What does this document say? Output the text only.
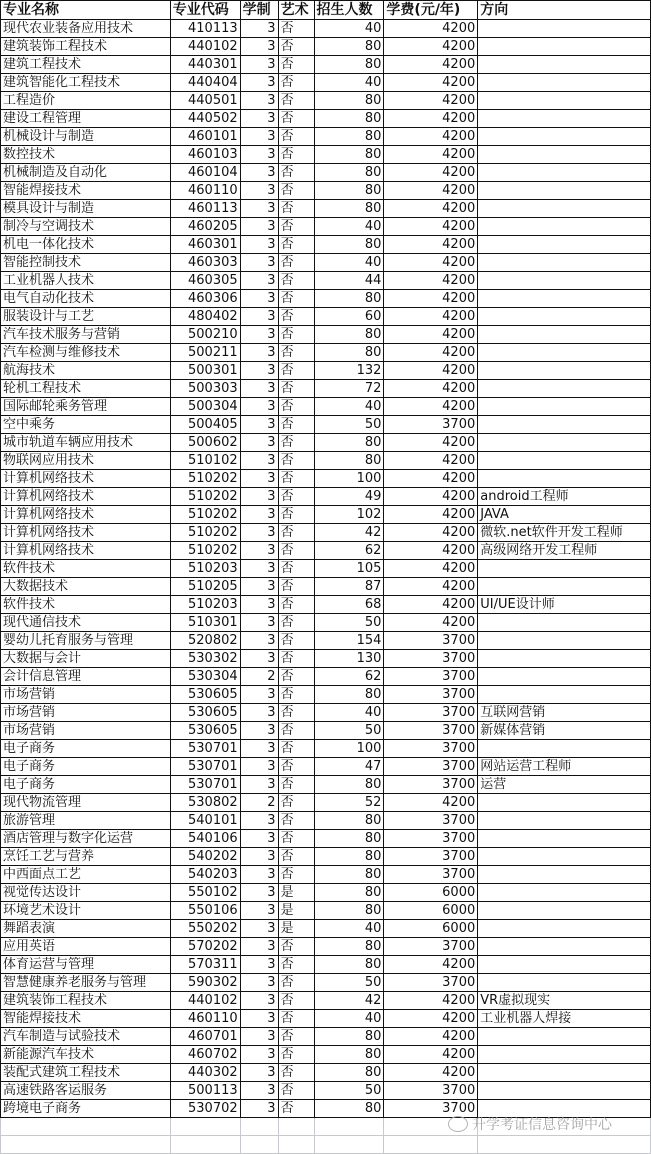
专业名称	专业代码	学制	艺术	招生人数	学费(元/年)	方向
现代农业装备应用技术	410113	3	否	40	4200	
建筑装饰工程技术	440102	3	否	80	4200	
建筑工程技术	440301	3	否	80	4200	
建筑智能化工程技术	440404	3	否	40	4200	
工程造价	440501	3	否	80	4200	
建设工程管理	440502	3	否	80	4200	
机械设计与制造	460101	3	否	80	4200	
数控技术	460103	3	否	80	4200	
机械制造及自动化	460104	3	否	80	4200	
智能焊接技术	460110	3	否	80	4200	
模具设计与制造	460113	3	否	80	4200	
制冷与空调技术	460205	3	否	40	4200	
机电一体化技术	460301	3	否	80	4200	
智能控制技术	460303	3	否	40	4200	
工业机器人技术	460305	3	否	44	4200	
电气自动化技术	460306	3	否	80	4200	
服装设计与工艺	480402	3	否	60	4200	
汽车技术服务与营销	500210	3	否	80	4200	
汽车检测与维修技术	500211	3	否	80	4200	
航海技术	500301	3	否	132	4200	
轮机工程技术	500303	3	否	72	4200	
国际邮轮乘务管理	500304	3	否	40	4200	
空中乘务	500405	3	否	50	3700	
城市轨道车辆应用技术	500602	3	否	80	4200	
物联网应用技术	510102	3	否	80	4200	
计算机网络技术	510202	3	否	100	4200	
计算机网络技术	510202	3	否	49	4200	android工程师
计算机网络技术	510202	3	否	102	4200	JAVA
计算机网络技术	510202	3	否	42	4200	微软.net软件开发工程师
计算机网络技术	510202	3	否	62	4200	高级网络开发工程师
软件技术	510203	3	否	105	4200	
大数据技术	510205	3	否	87	4200	
软件技术	510203	3	否	68	4200	UI/UE设计师
现代通信技术	510301	3	否	50	4200	
婴幼儿托育服务与管理	520802	3	否	154	3700	
大数据与会计	530302	3	否	130	3700	
会计信息管理	530304	2	否	62	3700	
市场营销	530605	3	否	80	3700	
市场营销	530605	3	否	40	3700	互联网营销
市场营销	530605	3	否	50	3700	新媒体营销
电子商务	530701	3	否	100	3700	
电子商务	530701	3	否	47	3700	网站运营工程师
电子商务	530701	3	否	80	3700	运营
现代物流管理	530802	2	否	52	4200	
旅游管理	540101	3	否	80	3700	
酒店管理与数字化运营	540106	3	否	80	3700	
烹饪工艺与营养	540202	3	否	80	3700	
中西面点工艺	540203	3	否	80	3700	
视觉传达设计	550102	3	是	80	6000	
环境艺术设计	550106	3	是	80	6000	
舞蹈表演	550202	3	是	40	6000	
应用英语	570202	3	否	80	3700	
体育运营与管理	570311	3	否	80	4200	
智慧健康养老服务与管理	590302	3	否	50	3700	
建筑装饰工程技术	440102	3	否	42	4200	VR虚拟现实
智能焊接技术	460110	3	否	40	4200	工业机器人焊接
汽车制造与试验技术	460701	3	否	80	4200	
新能源汽车技术	460702	3	否	80	4200	
装配式建筑工程技术	440302	3	否	80	4200	
高速铁路客运服务	500113	3	否	50	3700	
跨境电子商务	530702	3	否	80	3700	

升学考证信息咨询中心
